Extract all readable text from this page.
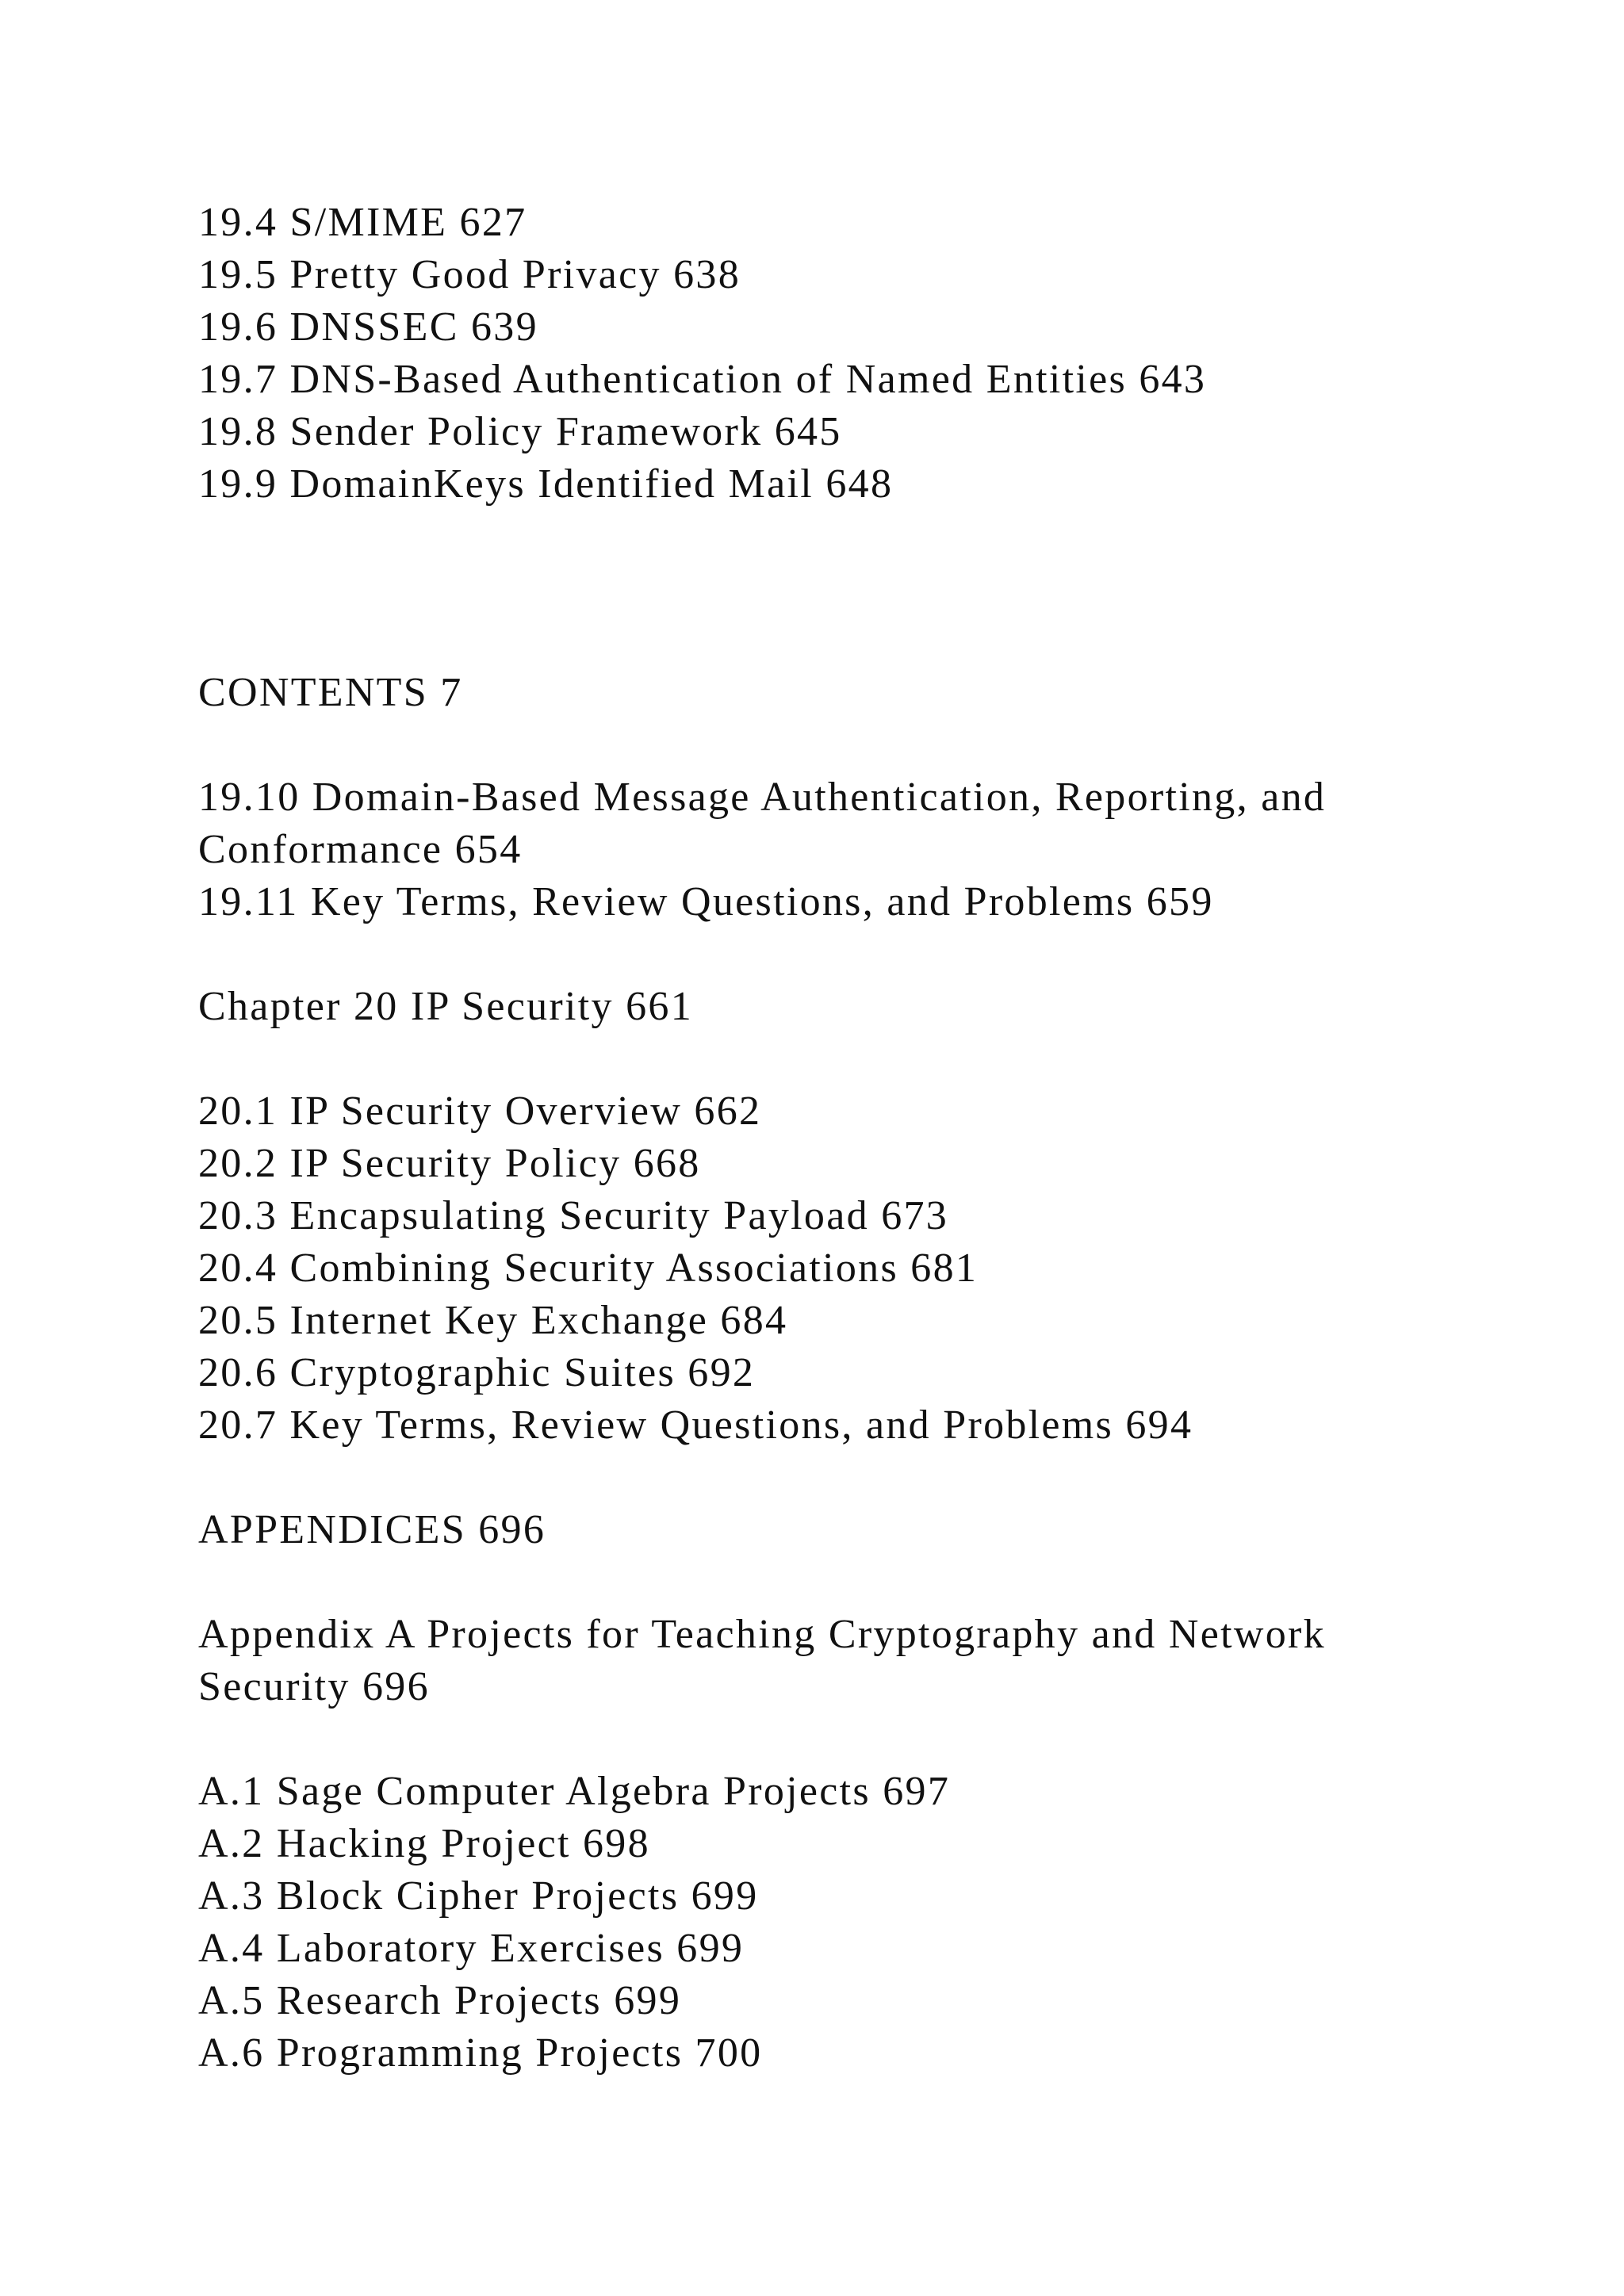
19.4 S/MIME 627
19.5 Pretty Good Privacy 638
19.6 DNSSEC 639
19.7 DNS-Based Authentication of Named Entities 643
19.8 Sender Policy Framework 645
19.9 DomainKeys Identified Mail 648
CONTENTS 7
19.10 Domain-Based Message Authentication, Reporting, and
Conformance 654
19.11 Key Terms, Review Questions, and Problems 659
Chapter 20 IP Security 661
20.1 IP Security Overview 662
20.2 IP Security Policy 668
20.3 Encapsulating Security Payload 673
20.4 Combining Security Associations 681
20.5 Internet Key Exchange 684
20.6 Cryptographic Suites 692
20.7 Key Terms, Review Questions, and Problems 694
APPENDICES 696
Appendix A Projects for Teaching Cryptography and Network
Security 696
A.1 Sage Computer Algebra Projects 697
A.2 Hacking Project 698
A.3 Block Cipher Projects 699
A.4 Laboratory Exercises 699
A.5 Research Projects 699
A.6 Programming Projects 700
